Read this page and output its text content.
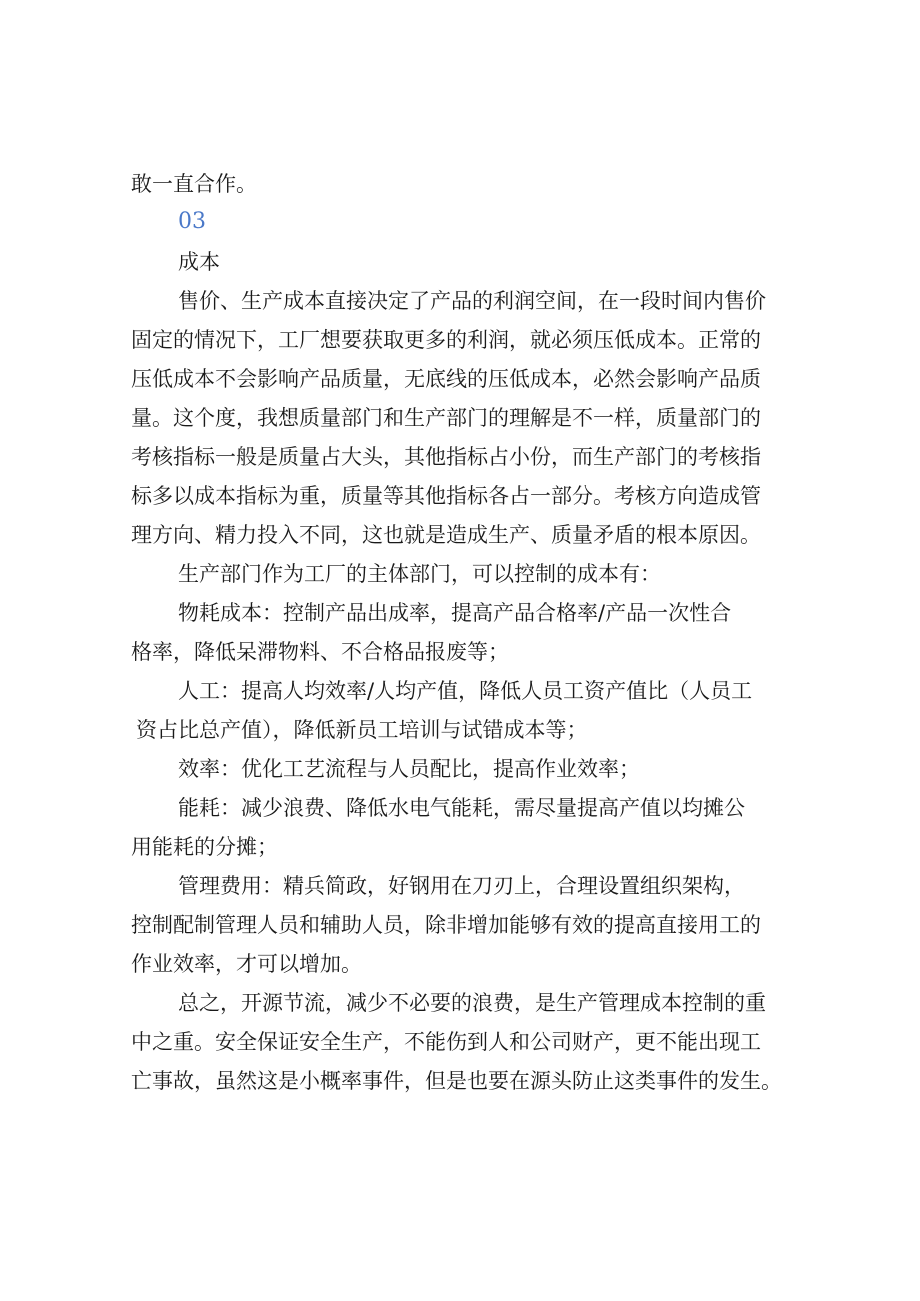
敢一直合作。
03
成本
售价、生产成本直接决定了产品的利润空间，在一段时间内售价
固定的情况下，工厂想要获取更多的利润，就必须压低成本。正常的
压低成本不会影响产品质量，无底线的压低成本，必然会影响产品质
量。这个度，我想质量部门和生产部门的理解是不一样，质量部门的
考核指标一般是质量占大头，其他指标占小份，而生产部门的考核指
标多以成本指标为重，质量等其他指标各占一部分。考核方向造成管
理方向、精力投入不同，这也就是造成生产、质量矛盾的根本原因。
生产部门作为工厂的主体部门，可以控制的成本有：
物耗成本：控制产品出成率，提高产品合格率/产品一次性合
格率，降低呆滞物料、不合格品报废等；
人工：提高人均效率/人均产值，降低人员工资产值比（人员工
资占比总产值），降低新员工培训与试错成本等；
效率：优化工艺流程与人员配比，提高作业效率；
能耗：减少浪费、降低水电气能耗，需尽量提高产值以均摊公
用能耗的分摊；
管理费用：精兵简政，好钢用在刀刃上，合理设置组织架构，
控制配制管理人员和辅助人员，除非增加能够有效的提高直接用工的
作业效率，才可以增加。
总之，开源节流，减少不必要的浪费，是生产管理成本控制的重
中之重。安全保证安全生产，不能伤到人和公司财产，更不能出现工
亡事故，虽然这是小概率事件，但是也要在源头防止这类事件的发生。
